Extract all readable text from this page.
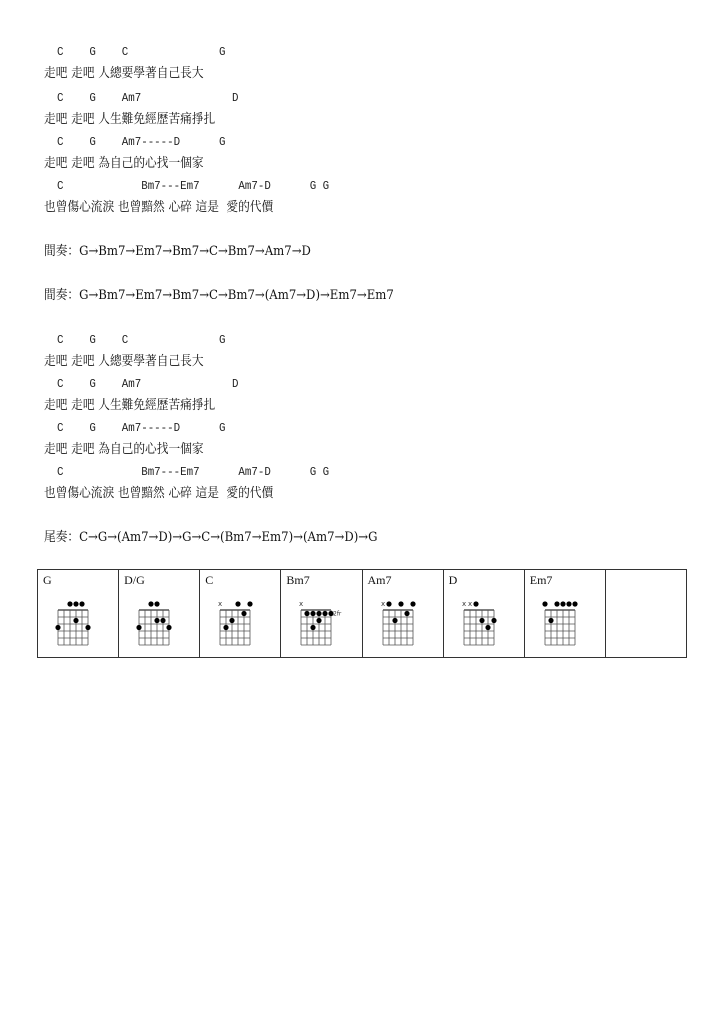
C    G    C              G
走吧 走吧 人總要學著自己長大
C    G    Am7              D
走吧 走吧 人生難免經歷苦痛掙扎
C    G    Am7-----D      G
走吧 走吧 為自己的心找一個家
C            Bm7---Em7      Am7-D      G G
也曾傷心流淚 也曾黯然 心碎 這是  愛的代價
間奏：G→Bm7→Em7→Bm7→C→Bm7→Am7→D
間奏：G→Bm7→Em7→Bm7→C→Bm7→(Am7→D)→Em7→Em7
C    G    C              G
走吧 走吧 人總要學著自己長大
C    G    Am7              D
走吧 走吧 人生難免經歷苦痛掙扎
C    G    Am7-----D      G
走吧 走吧 為自己的心找一個家
C            Bm7---Em7      Am7-D      G G
也曾傷心流淚 也曾黯然 心碎 這是  愛的代價
尾奏：C→G→(Am7→D)→G→C→(Bm7→Em7)→(Am7→D)→G
G	D/G	C
x
Bm7
x
2fr
Am7
x
D
x x
Em7
